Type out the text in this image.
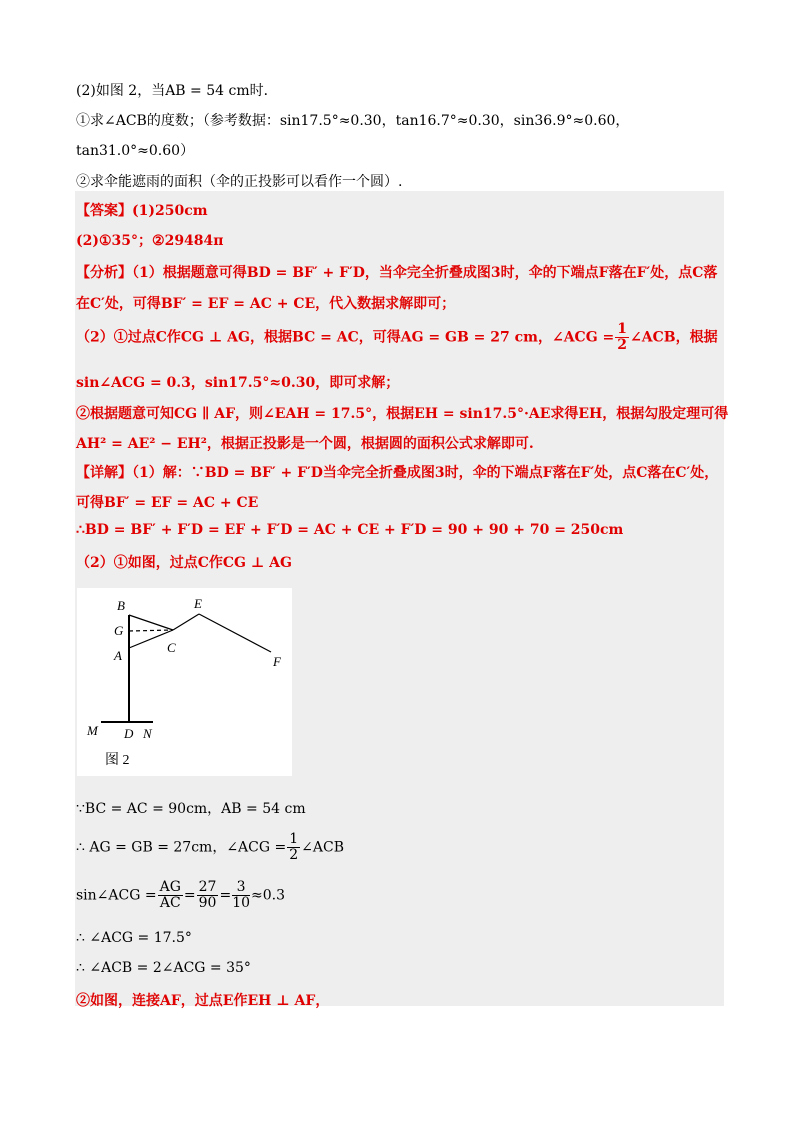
(2)如图 2，当AB = 54 cm时．
①求∠ACB的度数；（参考数据：sin17.5°≈0.30，tan16.7°≈0.30，sin36.9°≈0.60，
tan31.0°≈0.60）
②求伞能遮雨的面积（伞的正投影可以看作一个圆）.
【答案】(1)250cm
(2)①35°；②29484π
【分析】（1）根据题意可得BD = BF′ + F′D，当伞完全折叠成图3时，伞的下端点F落在F′处，点C落
在C′处，可得BF′ = EF = AC + CE，代入数据求解即可；
（2）①过点C作CG ⊥ AG，根据BC = AC，可得AG = GB = 27 cm，∠ACG = $\frac{1}{2}$ ∠ACB，根据
sin∠ACG = 0.3，sin17.5°≈0.30，即可求解；
②根据题意可知CG ∥ AF，则∠EAH = 17.5°，根据EH = sin17.5°·AE求得EH，根据勾股定理可得
AH² = AE² − EH²，根据正投影是一个圆，根据圆的面积公式求解即可.
【详解】（1）解：∵BD = BF′ + F′D当伞完全折叠成图3时，伞的下端点F落在F′处，点C落在C′处，
可得BF′ = EF = AC + CE
∴BD = BF′ + F′D = EF + F′D = AC + CE + F′D = 90 + 90 + 70 = 250cm
（2）①如图，过点C作CG ⊥ AG
B
G
A
C
E
F
M D N
图 2
∵BC = AC = 90cm，AB = 54 cm
∴ AG = GB = 27cm，∠ACG = $\frac{1}{2}$ ∠ACB
sin∠ACG = $\frac{AG}{AC} = \frac{27}{90} = \frac{3}{10} \approx 0.3$
∴ ∠ACG = 17.5°
∴ ∠ACB = 2∠ACG = 35°
②如图，连接AF，过点E作EH ⊥ AF，
